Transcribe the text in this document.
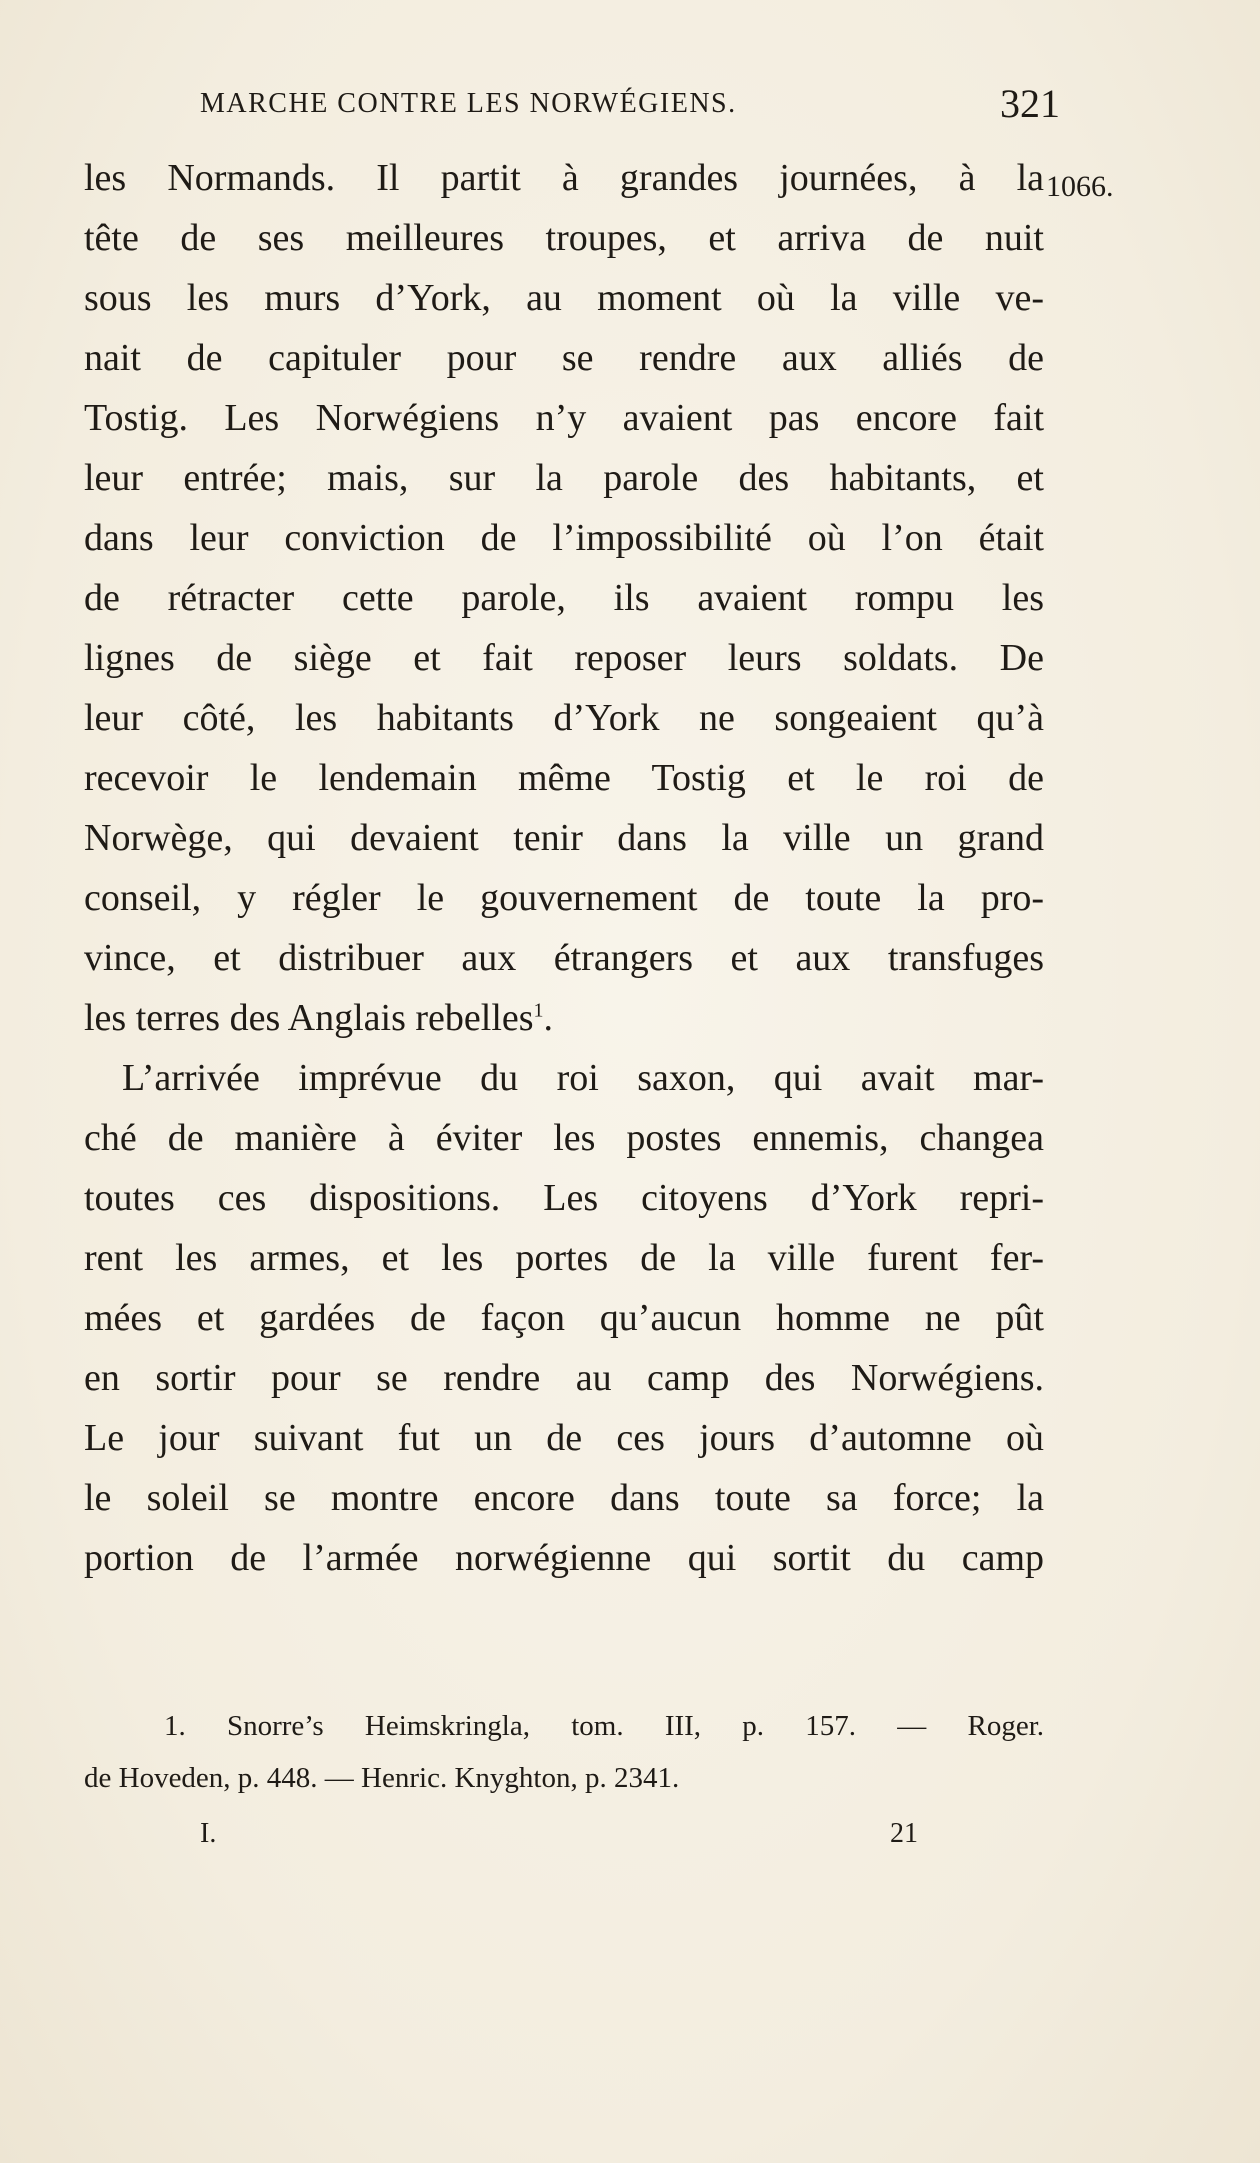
MARCHE CONTRE LES NORWÉGIENS.	321
1066.
les Normands. Il partit à grandes journées, à la
tête de ses meilleures troupes, et arriva de nuit
sous les murs d’York, au moment où la ville ve-
nait de capituler pour se rendre aux alliés de
Tostig. Les Norwégiens n’y avaient pas encore fait
leur entrée; mais, sur la parole des habitants, et
dans leur conviction de l’impossibilité où l’on était
de rétracter cette parole, ils avaient rompu les
lignes de siège et fait reposer leurs soldats. De
leur côté, les habitants d’York ne songeaient qu’à
recevoir le lendemain même Tostig et le roi de
Norwège, qui devaient tenir dans la ville un grand
conseil, y régler le gouvernement de toute la pro-
vince, et distribuer aux étrangers et aux transfuges
les terres des Anglais rebelles$^1$.
L’arrivée imprévue du roi saxon, qui avait mar-
ché de manière à éviter les postes ennemis, changea
toutes ces dispositions. Les citoyens d’York repri-
rent les armes, et les portes de la ville furent fer-
mées et gardées de façon qu’aucun homme ne pût
en sortir pour se rendre au camp des Norwégiens.
Le jour suivant fut un de ces jours d’automne où
le soleil se montre encore dans toute sa force; la
portion de l’armée norwégienne qui sortit du camp
1. Snorre’s Heimskringla, tom. III, p. 157. — Roger.
de Hoveden, p. 448. — Henric. Knyghton, p. 2341.
I.	21
